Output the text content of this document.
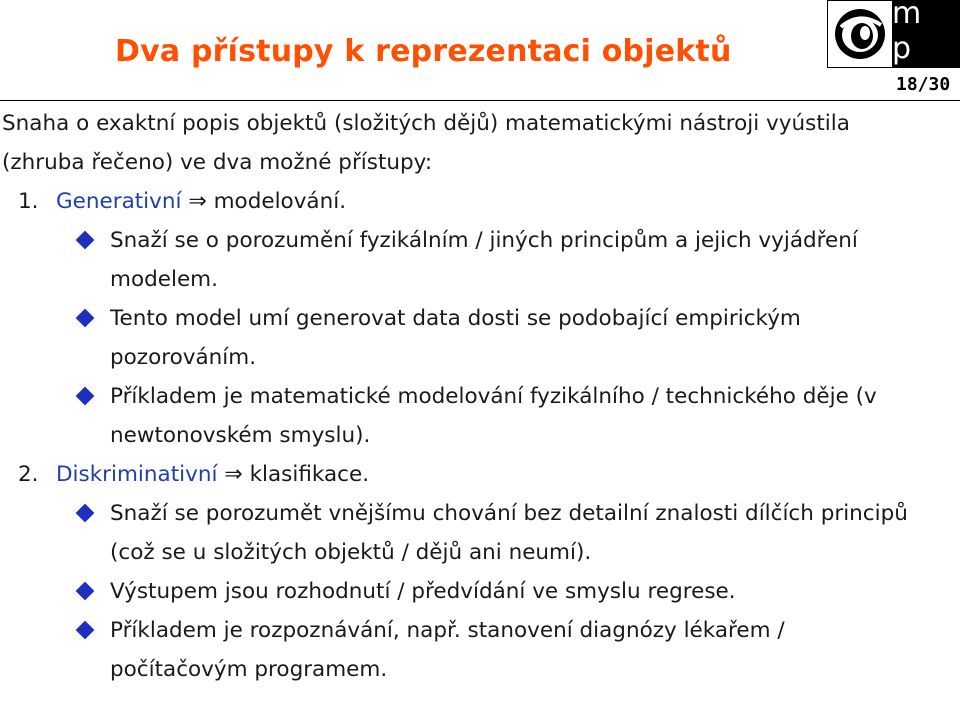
Dva přístupy k reprezentaci objektů
m p
18/30

Snaha o exaktní popis objektů (složitých dějů) matematickými nástroji vyústila (zhruba řečeno) ve dva možné přístupy:

1. Generativní ⇒ modelování.

Snaží se o porozumění fyzikálním / jiných principům a jejich vyjádření modelem.

Tento model umí generovat data dosti se podobající empirickým pozorováním.

Příkladem je matematické modelování fyzikálního / technického děje (v newtonovském smyslu).

2. Diskriminativní ⇒ klasifikace.

Snaží se porozumět vnějšímu chování bez detailní znalosti dílčích principů (což se u složitých objektů / dějů ani neumí).

Výstupem jsou rozhodnutí / předvídání ve smyslu regrese.

Příkladem je rozpoznávání, např. stanovení diagnózy lékařem / počítačovým programem.
